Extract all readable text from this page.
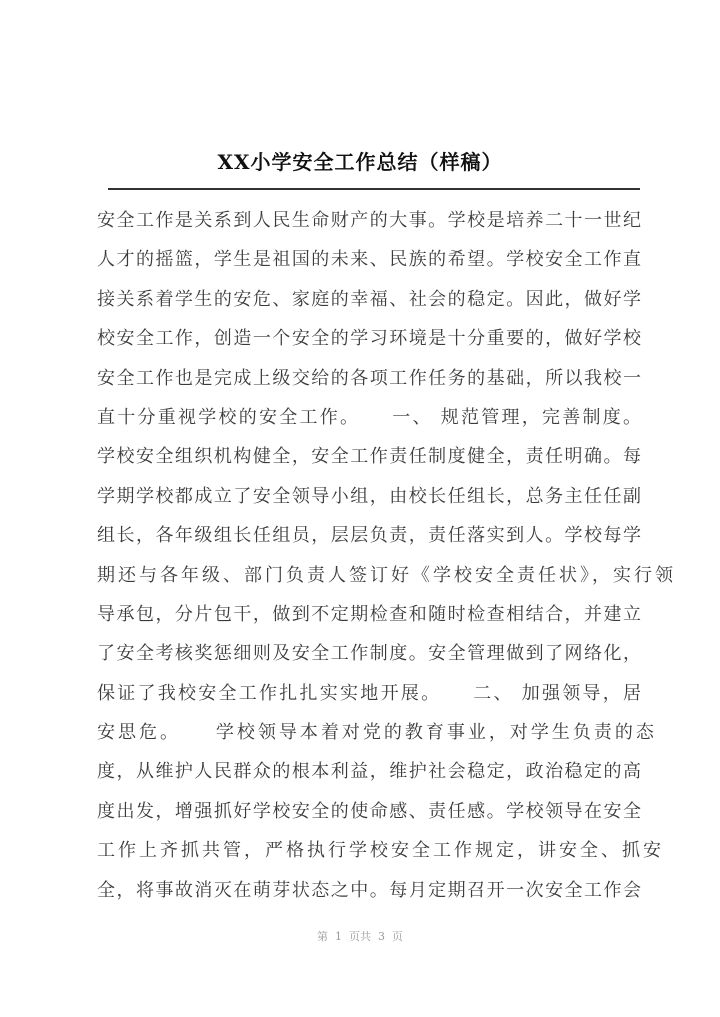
XX小学安全工作总结（样稿）
安全工作是关系到人民生命财产的大事。学校是培养二十一世纪
人才的摇篮，学生是祖国的未来、民族的希望。学校安全工作直
接关系着学生的安危、家庭的幸福、社会的稳定。因此，做好学
校安全工作，创造一个安全的学习环境是十分重要的，做好学校
安全工作也是完成上级交给的各项工作任务的基础，所以我校一
直十分重视学校的安全工作。    一、 规范管理，完善制度。
学校安全组织机构健全，安全工作责任制度健全，责任明确。每
学期学校都成立了安全领导小组，由校长任组长，总务主任任副
组长，各年级组长任组员，层层负责，责任落实到人。学校每学
期还与各年级、部门负责人签订好《学校安全责任状》，实行领
导承包，分片包干，做到不定期检查和随时检查相结合，并建立
了安全考核奖惩细则及安全工作制度。安全管理做到了网络化，
保证了我校安全工作扎扎实实地开展。    二、 加强领导，居
安思危。    学校领导本着对党的教育事业，对学生负责的态
度，从维护人民群众的根本利益，维护社会稳定，政治稳定的高
度出发，增强抓好学校安全的使命感、责任感。学校领导在安全
工作上齐抓共管，严格执行学校安全工作规定，讲安全、抓安
全，将事故消灭在萌芽状态之中。每月定期召开一次安全工作会
第  1  页共  3  页
